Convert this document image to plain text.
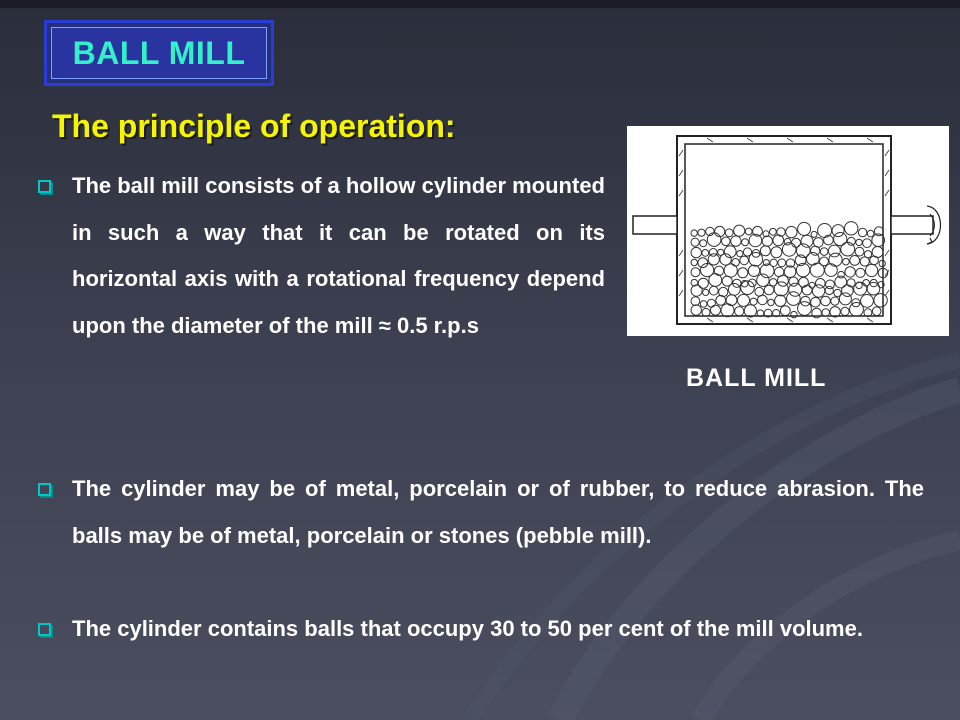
BALL MILL
The principle of operation:
The ball mill consists of a hollow cylinder mounted in such a way that it can be rotated on its horizontal axis with a rotational frequency depend upon the diameter of the mill ≈ 0.5 r.p.s
The cylinder may be of metal, porcelain or of rubber, to reduce abrasion. The balls may be of metal, porcelain or stones (pebble mill).
The cylinder contains balls that occupy 30 to 50 per cent of the mill volume.
BALL MILL
